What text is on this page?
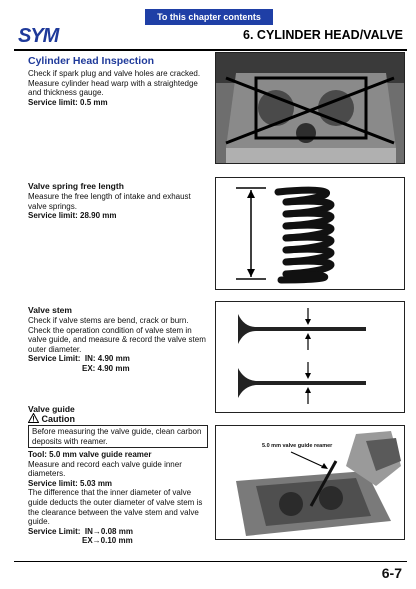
To this chapter contents
SYM	6. CYLINDER HEAD/VALVE
Cylinder Head Inspection
Check if spark plug and valve holes are cracked.
Measure cylinder head warp with a straightedge
and thickness gauge.
Service limit: 0.5 mm
Valve spring free length
Measure the free length of intake and exhaust
valve springs.
Service limit: 28.90 mm
Valve stem
Check if valve stems are bend, crack or burn.
Check the operation condition of valve stem in
valve guide, and measure & record the valve stem
outer diameter.
Service Limit: IN: 4.90 mm
EX: 4.90 mm
Valve guide
Caution
Before measuring the valve guide, clean carbon
deposits with reamer.
Tool: 5.0 mm valve guide reamer
Measure and record each valve guide inner
diameters.
Service limit: 5.03 mm
The difference that the inner diameter of valve
guide deducts the outer diameter of valve stem is
the clearance between the valve stem and valve
guide.
Service Limit: IN→0.08 mm
EX→0.10 mm
5.0 mm valve guide reamer
6-7
